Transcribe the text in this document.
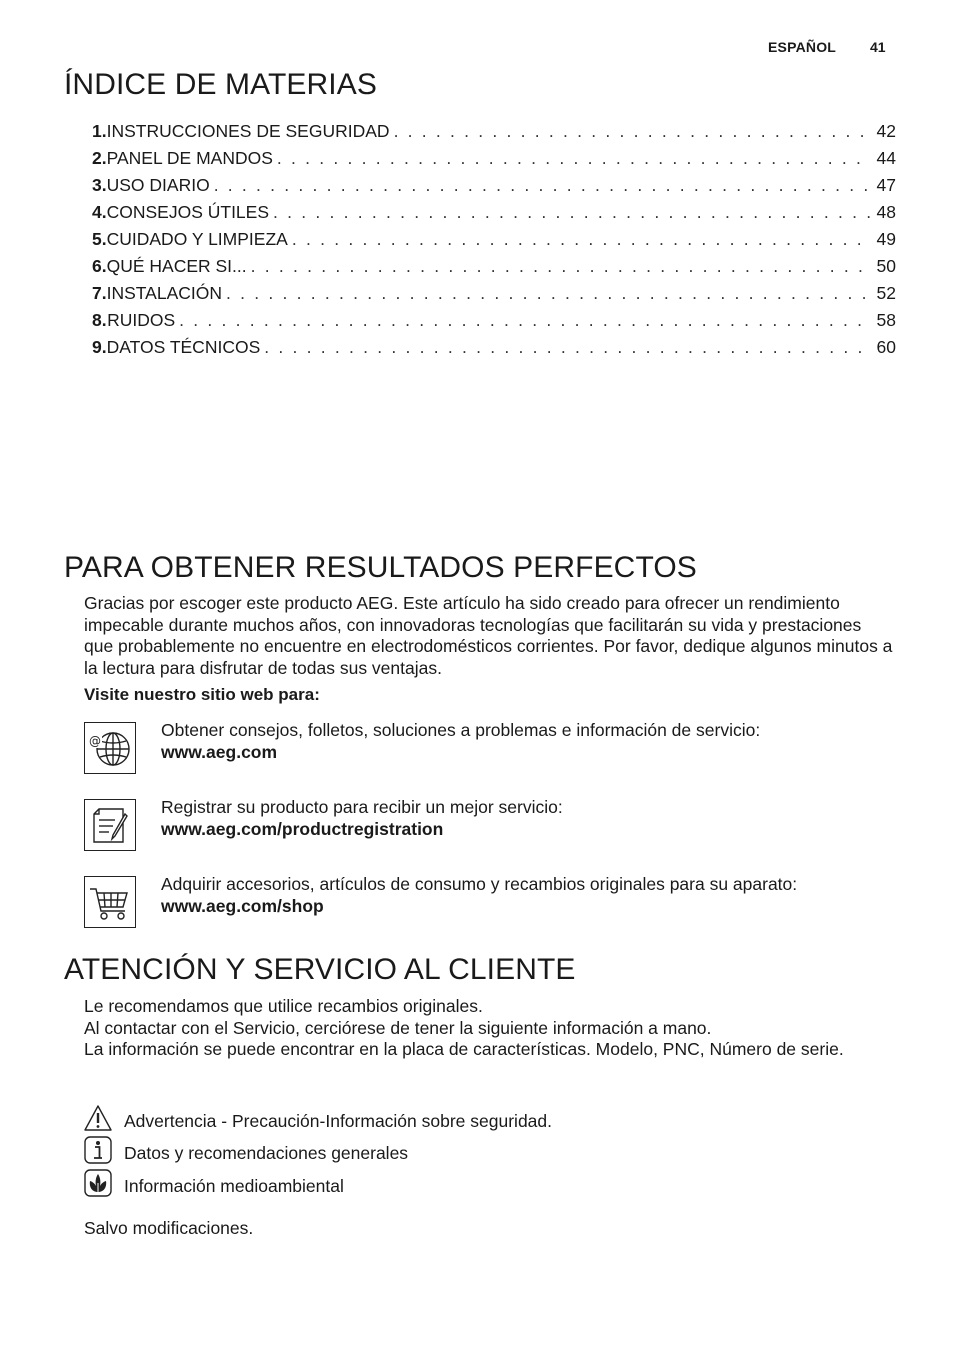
ESPAÑOL 41
ÍNDICE DE MATERIAS
1. INSTRUCCIONES DE SEGURIDAD . . .	42
2. PANEL DE MANDOS . . .	44
3. USO DIARIO . . .	47
4. CONSEJOS ÚTILES . . .	48
5. CUIDADO Y LIMPIEZA . . .	49
6. QUÉ HACER SI... . . .	50
7. INSTALACIÓN . . .	52
8. RUIDOS . . .	58
9. DATOS TÉCNICOS . . .	60
PARA OBTENER RESULTADOS PERFECTOS

Gracias por escoger este producto AEG. Este artículo ha sido creado para ofrecer un rendimiento impecable durante muchos años, con innovadoras tecnologías que facilitarán su vida y prestaciones que probablemente no encuentre en electrodomésticos corrientes. Por favor, dedique algunos minutos a la lectura para disfrutar de todas sus ventajas.

Visite nuestro sitio web para:
@
Obtener consejos, folletos, soluciones a problemas e información de servicio:
www.aeg.com
Registrar su producto para recibir un mejor servicio:
www.aeg.com/productregistration
Adquirir accesorios, artículos de consumo y recambios originales para su aparato:
www.aeg.com/shop
ATENCIÓN Y SERVICIO AL CLIENTE
Le recomendamos que utilice recambios originales.
Al contactar con el Servicio, cerciórese de tener la siguiente información a mano.
La información se puede encontrar en la placa de características. Modelo, PNC, Número de serie.
Advertencia - Precaución-Información sobre seguridad.
Datos y recomendaciones generales
Información medioambiental
Salvo modificaciones.
